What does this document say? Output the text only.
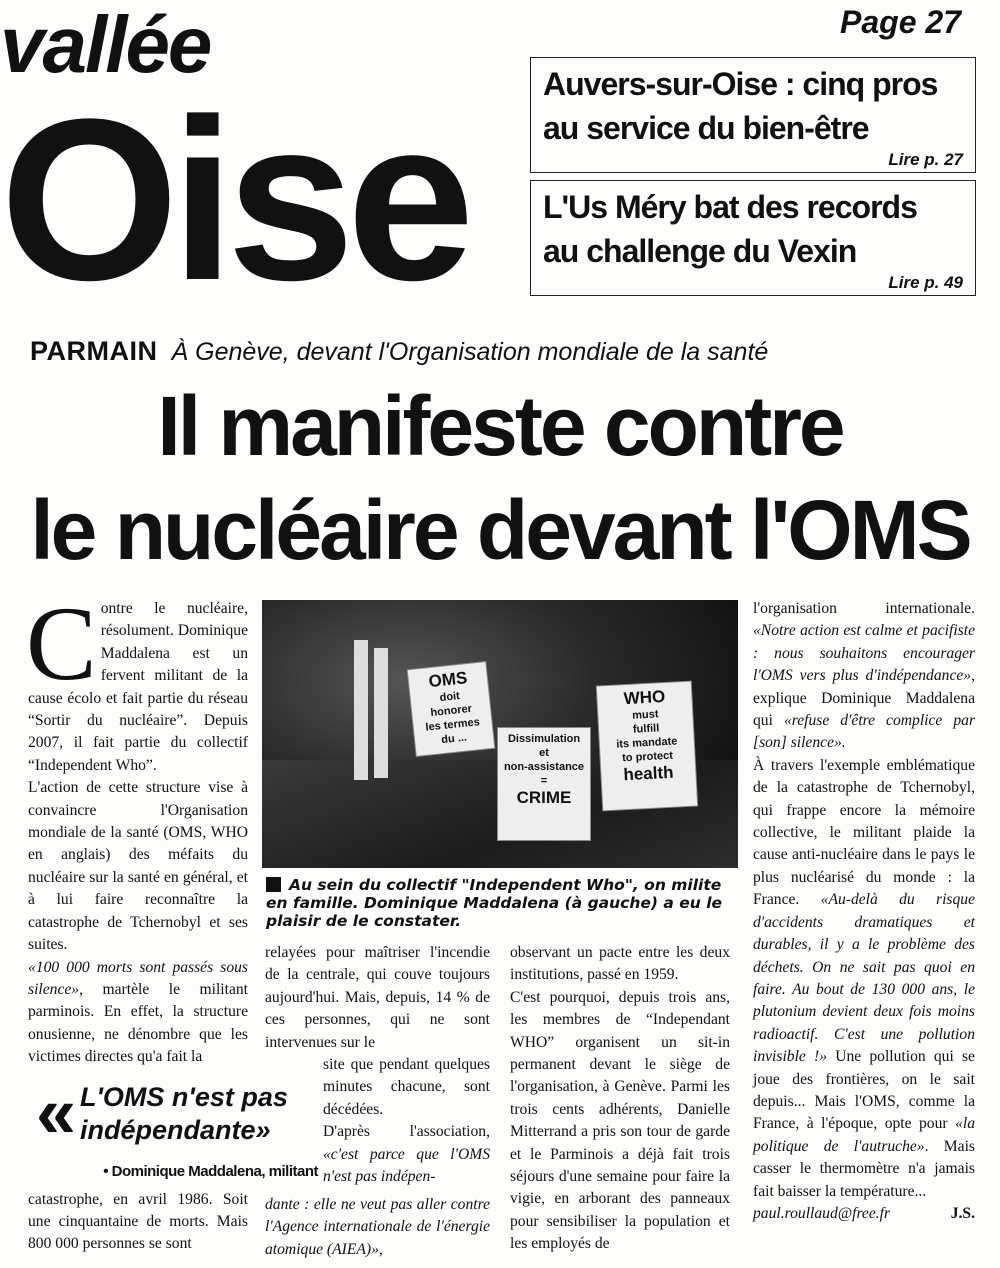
vallée
Oise
Page 27
Auvers-sur-Oise : cinq pros
au service du bien-être
Lire p. 27
L'Us Méry bat des records
au challenge du Vexin
Lire p. 49
PARMAIN À Genève, devant l'Organisation mondiale de la santé
Il manifeste contre
le nucléaire devant l'OMS
C ontre le nucléaire, résolument. Dominique Maddalena est un fervent militant de la cause écolo et fait partie du réseau “Sortir du nucléaire”. Depuis 2007, il fait partie du collectif “Independent Who”.

L'action de cette structure vise à convaincre l'Organisation mondiale de la santé (OMS, WHO en anglais) des méfaits du nucléaire sur la santé en général, et à lui faire reconnaître la catastrophe de Tchernobyl et ses suites.

«100 000 morts sont passés sous silence», martèle le militant parminois. En effet, la structure onusienne, ne dénombre que les victimes directes qu'a fait la

« L'OMS n'est pas
indépendante»
• Dominique Maddalena, militant

catastrophe, en avril 1986. Soit une cinquantaine de morts. Mais 800 000 personnes se sont

OMS
doit
honorer
les termes
du ...	Dissimulation
et
non-assistance
=
CRIME
WHO
must
fulfill
its mandate
to protect
health
Au sein du collectif "Independent Who", on milite en famille. Dominique Maddalena (à gauche) a eu le plaisir de le constater.

relayées pour maîtriser l'incendie de la centrale, qui couve toujours aujourd'hui. Mais, depuis, 14 % de ces personnes, qui ne sont intervenues sur le

site que pendant quelques minutes chacune, sont décédées.

D'après l'association, «c'est parce que l'OMS n'est pas indépen-

dante : elle ne veut pas aller contre l'Agence internationale de l'énergie atomique (AIEA)»,

observant un pacte entre les deux institutions, passé en 1959.

C'est pourquoi, depuis trois ans, les membres de “Independant WHO” organisent un sit-in permanent devant le siège de l'organisation, à Genève. Parmi les trois cents adhérents, Danielle Mitterrand a pris son tour de garde et le Parminois a déjà fait trois séjours d'une semaine pour faire la vigie, en arborant des panneaux pour sensibiliser la population et les employés de

l'organisation internationale. «Notre action est calme et pacifiste : nous souhaitons encourager l'OMS vers plus d'indépendance», explique Dominique Maddalena qui «refuse d'être complice par [son] silence».

À travers l'exemple emblématique de la catastrophe de Tchernobyl, qui frappe encore la mémoire collective, le militant plaide la cause anti-nucléaire dans le pays le plus nucléarisé du monde : la France. «Au-delà du risque d'accidents dramatiques et durables, il y a le problème des déchets. On ne sait pas quoi en faire. Au bout de 130 000 ans, le plutonium devient deux fois moins radioactif. C'est une pollution invisible !» Une pollution qui se joue des frontières, on le sait depuis... Mais l'OMS, comme la France, à l'époque, opte pour «la politique de l'autruche». Mais casser le thermomètre n'a jamais fait baisser la température...

J.S.
paul.roullaud@free.fr
